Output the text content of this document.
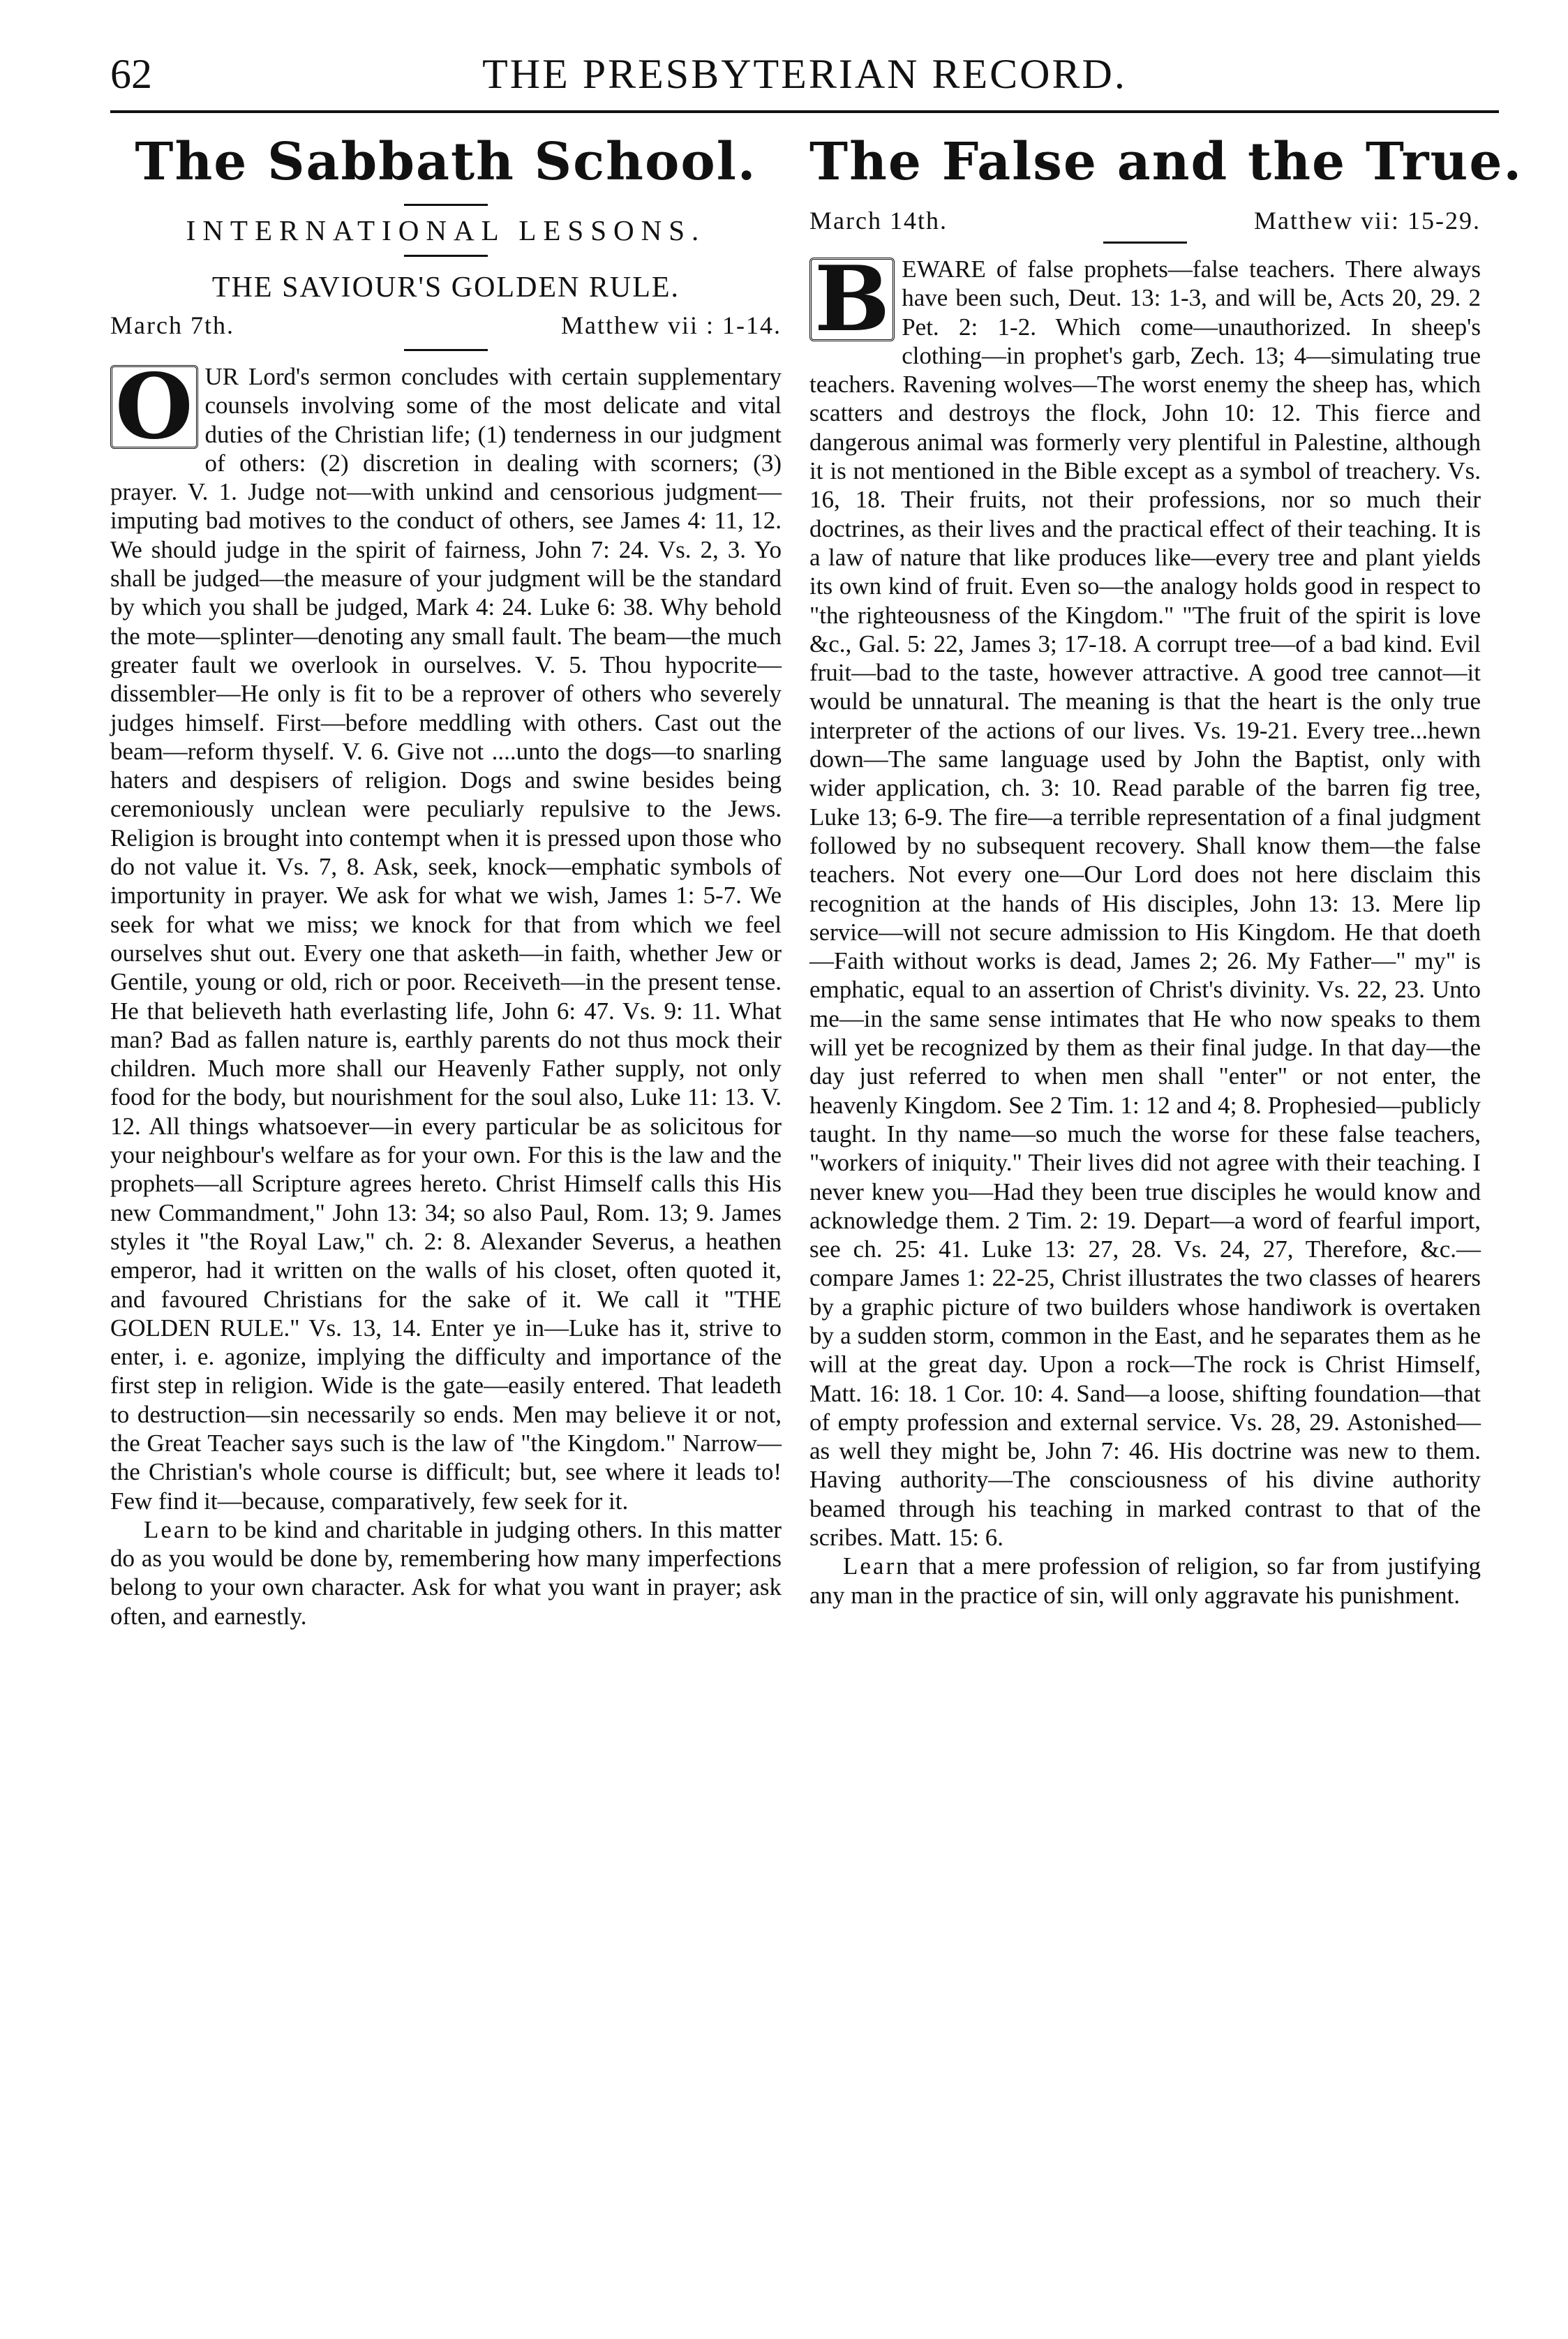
62	THE PRESBYTERIAN RECORD.
The Sabbath School.
INTERNATIONAL LESSONS.
THE SAVIOUR'S GOLDEN RULE.
March 7th.	Matthew vii : 1-14.

O UR Lord's sermon concludes with certain supplementary counsels involving some of the most delicate and vital duties of the Christian life; (1) tenderness in our judgment of others: (2) discretion in dealing with scorners; (3) prayer. V. 1. Judge not—with unkind and censorious judgment—imputing bad motives to the conduct of others, see James 4: 11, 12. We should judge in the spirit of fairness, John 7: 24. Vs. 2, 3. Yo shall be judged—the measure of your judgment will be the standard by which you shall be judged, Mark 4: 24. Luke 6: 38. Why behold the mote—splinter—denoting any small fault. The beam—the much greater fault we overlook in ourselves. V. 5. Thou hypocrite—dissembler—He only is fit to be a reprover of others who severely judges himself. First—before meddling with others. Cast out the beam—reform thyself. V. 6. Give not ....unto the dogs—to snarling haters and despisers of religion. Dogs and swine besides being ceremoniously unclean were peculiarly repulsive to the Jews. Religion is brought into contempt when it is pressed upon those who do not value it. Vs. 7, 8. Ask, seek, knock—emphatic symbols of importunity in prayer. We ask for what we wish, James 1: 5-7. We seek for what we miss; we knock for that from which we feel ourselves shut out. Every one that asketh—in faith, whether Jew or Gentile, young or old, rich or poor. Receiveth—in the present tense. He that believeth hath everlasting life, John 6: 47. Vs. 9: 11. What man? Bad as fallen nature is, earthly parents do not thus mock their children. Much more shall our Heavenly Father supply, not only food for the body, but nourishment for the soul also, Luke 11: 13. V. 12. All things whatsoever—in every particular be as solicitous for your neighbour's welfare as for your own. For this is the law and the prophets—all Scripture agrees hereto. Christ Himself calls this His new Commandment," John 13: 34; so also Paul, Rom. 13; 9. James styles it "the Royal Law," ch. 2: 8. Alexander Severus, a heathen emperor, had it written on the walls of his closet, often quoted it, and favoured Christians for the sake of it. We call it "THE GOLDEN RULE." Vs. 13, 14. Enter ye in—Luke has it, strive to enter, i. e. agonize, implying the difficulty and importance of the first step in religion. Wide is the gate—easily entered. That leadeth to destruction—sin necessarily so ends. Men may believe it or not, the Great Teacher says such is the law of "the Kingdom." Narrow—the Christian's whole course is difficult; but, see where it leads to! Few find it—because, comparatively, few seek for it.

Learn to be kind and charitable in judging others. In this matter do as you would be done by, remembering how many imperfections belong to your own character. Ask for what you want in prayer; ask often, and earnestly.

The False and the True.
March 14th.	Matthew vii: 15-29.

B EWARE of false prophets—false teachers. There always have been such, Deut. 13: 1-3, and will be, Acts 20, 29. 2 Pet. 2: 1-2. Which come—unauthorized. In sheep's clothing—in prophet's garb, Zech. 13; 4—simulating true teachers. Ravening wolves—The worst enemy the sheep has, which scatters and destroys the flock, John 10: 12. This fierce and dangerous animal was formerly very plentiful in Palestine, although it is not mentioned in the Bible except as a symbol of treachery. Vs. 16, 18. Their fruits, not their professions, nor so much their doctrines, as their lives and the practical effect of their teaching. It is a law of nature that like produces like—every tree and plant yields its own kind of fruit. Even so—the analogy holds good in respect to "the righteousness of the Kingdom." "The fruit of the spirit is love &c., Gal. 5: 22, James 3; 17-18. A corrupt tree—of a bad kind. Evil fruit—bad to the taste, however attractive. A good tree cannot—it would be unnatural. The meaning is that the heart is the only true interpreter of the actions of our lives. Vs. 19-21. Every tree...hewn down—The same language used by John the Baptist, only with wider application, ch. 3: 10. Read parable of the barren fig tree, Luke 13; 6-9. The fire—a terrible representation of a final judgment followed by no subsequent recovery. Shall know them—the false teachers. Not every one—Our Lord does not here disclaim this recognition at the hands of His disciples, John 13: 13. Mere lip service—will not secure admission to His Kingdom. He that doeth—Faith without works is dead, James 2; 26. My Father—" my" is emphatic, equal to an assertion of Christ's divinity. Vs. 22, 23. Unto me—in the same sense intimates that He who now speaks to them will yet be recognized by them as their final judge. In that day—the day just referred to when men shall "enter" or not enter, the heavenly Kingdom. See 2 Tim. 1: 12 and 4; 8. Prophesied—publicly taught. In thy name—so much the worse for these false teachers, "workers of iniquity." Their lives did not agree with their teaching. I never knew you—Had they been true disciples he would know and acknowledge them. 2 Tim. 2: 19. Depart—a word of fearful import, see ch. 25: 41. Luke 13: 27, 28. Vs. 24, 27, Therefore, &c.—compare James 1: 22-25, Christ illustrates the two classes of hearers by a graphic picture of two builders whose handiwork is overtaken by a sudden storm, common in the East, and he separates them as he will at the great day. Upon a rock—The rock is Christ Himself, Matt. 16: 18. 1 Cor. 10: 4. Sand—a loose, shifting foundation—that of empty profession and external service. Vs. 28, 29. Astonished—as well they might be, John 7: 46. His doctrine was new to them. Having authority—The consciousness of his divine authority beamed through his teaching in marked contrast to that of the scribes. Matt. 15: 6.

Learn that a mere profession of religion, so far from justifying any man in the practice of sin, will only aggravate his punishment.
